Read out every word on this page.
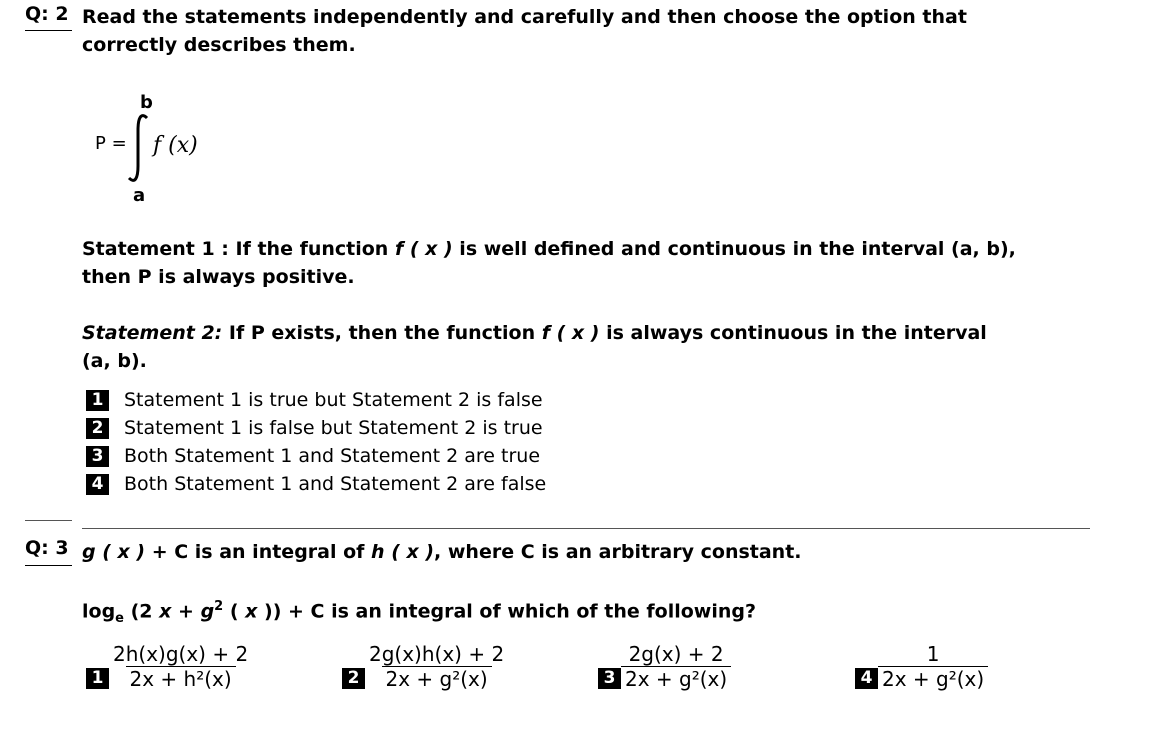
Q: 2 Read the statements independently and carefully and then choose the option that
correctly describes them.
P =
b
a
f (x)
Statement 1 : If the function f ( x ) is well defined and continuous in the interval (a, b),
then P is always positive.
Statement 2: If P exists, then the function f ( x ) is always continuous in the interval
(a, b).
1 Statement 1 is true but Statement 2 is false
2 Statement 1 is false but Statement 2 is true
3 Both Statement 1 and Statement 2 are true
4 Both Statement 1 and Statement 2 are false
Q: 3 g ( x ) + C is an integral of h ( x ), where C is an arbitrary constant.
$\log_e (2$ $x + g^2$ ( x )) + C is an integral of which of the following?
$1 \frac{2h(x)g(x) + 2}{\text{2x + h²(x)}}$	$2 \frac{2g(x)h(x) + 2}{\text{2x + g²(x)}}$	$3 \frac{2g(x) + 2}{\text{2x + g²(x)}}$	$4 \frac{1}{\text{2x + g²(x)}}$
